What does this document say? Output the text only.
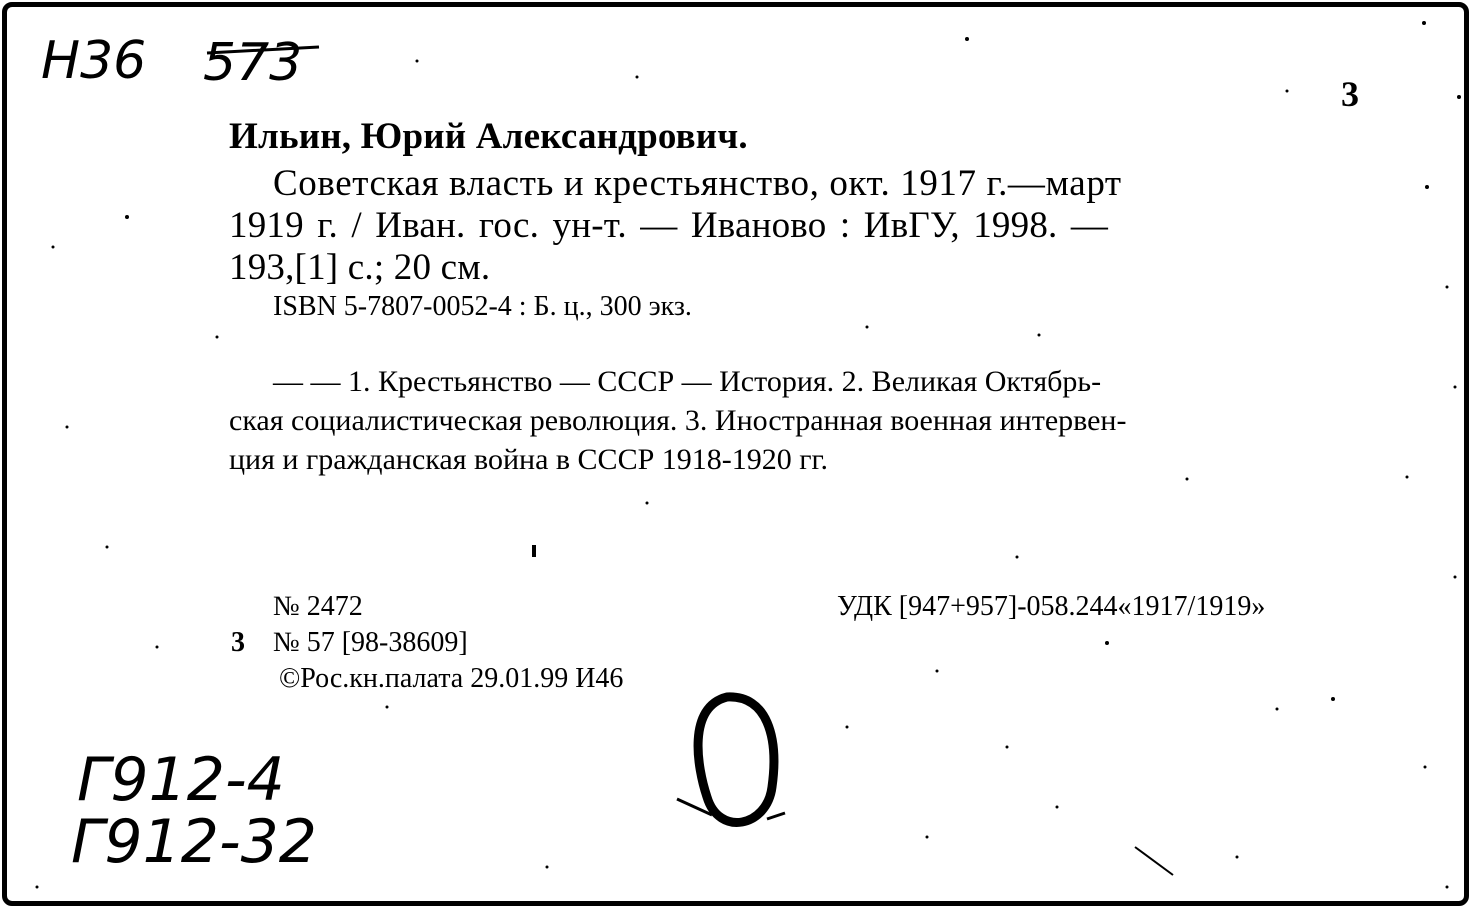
Н36 573
3
Ильин, Юрий Александрович.
Советская власть и крестьянство, окт. 1917 г.—март
1919 г. / Иван. гос. ун-т. — Иваново : ИвГУ, 1998. —
193,[1] с.; 20 см.
ISBN 5-7807-0052-4 : Б. ц., 300 экз.
— — 1. Крестьянство — СССР — История. 2. Великая Октябрь-
ская социалистическая революция. 3. Иностранная военная интервен-
ция и гражданская война в СССР 1918-1920 гг.
№ 2472	УДК [947+957]-058.244«1917/1919»
3 № 57 [98-38609]
©Рос.кн.палата 29.01.99 И46
Г912-4
Г912-32
